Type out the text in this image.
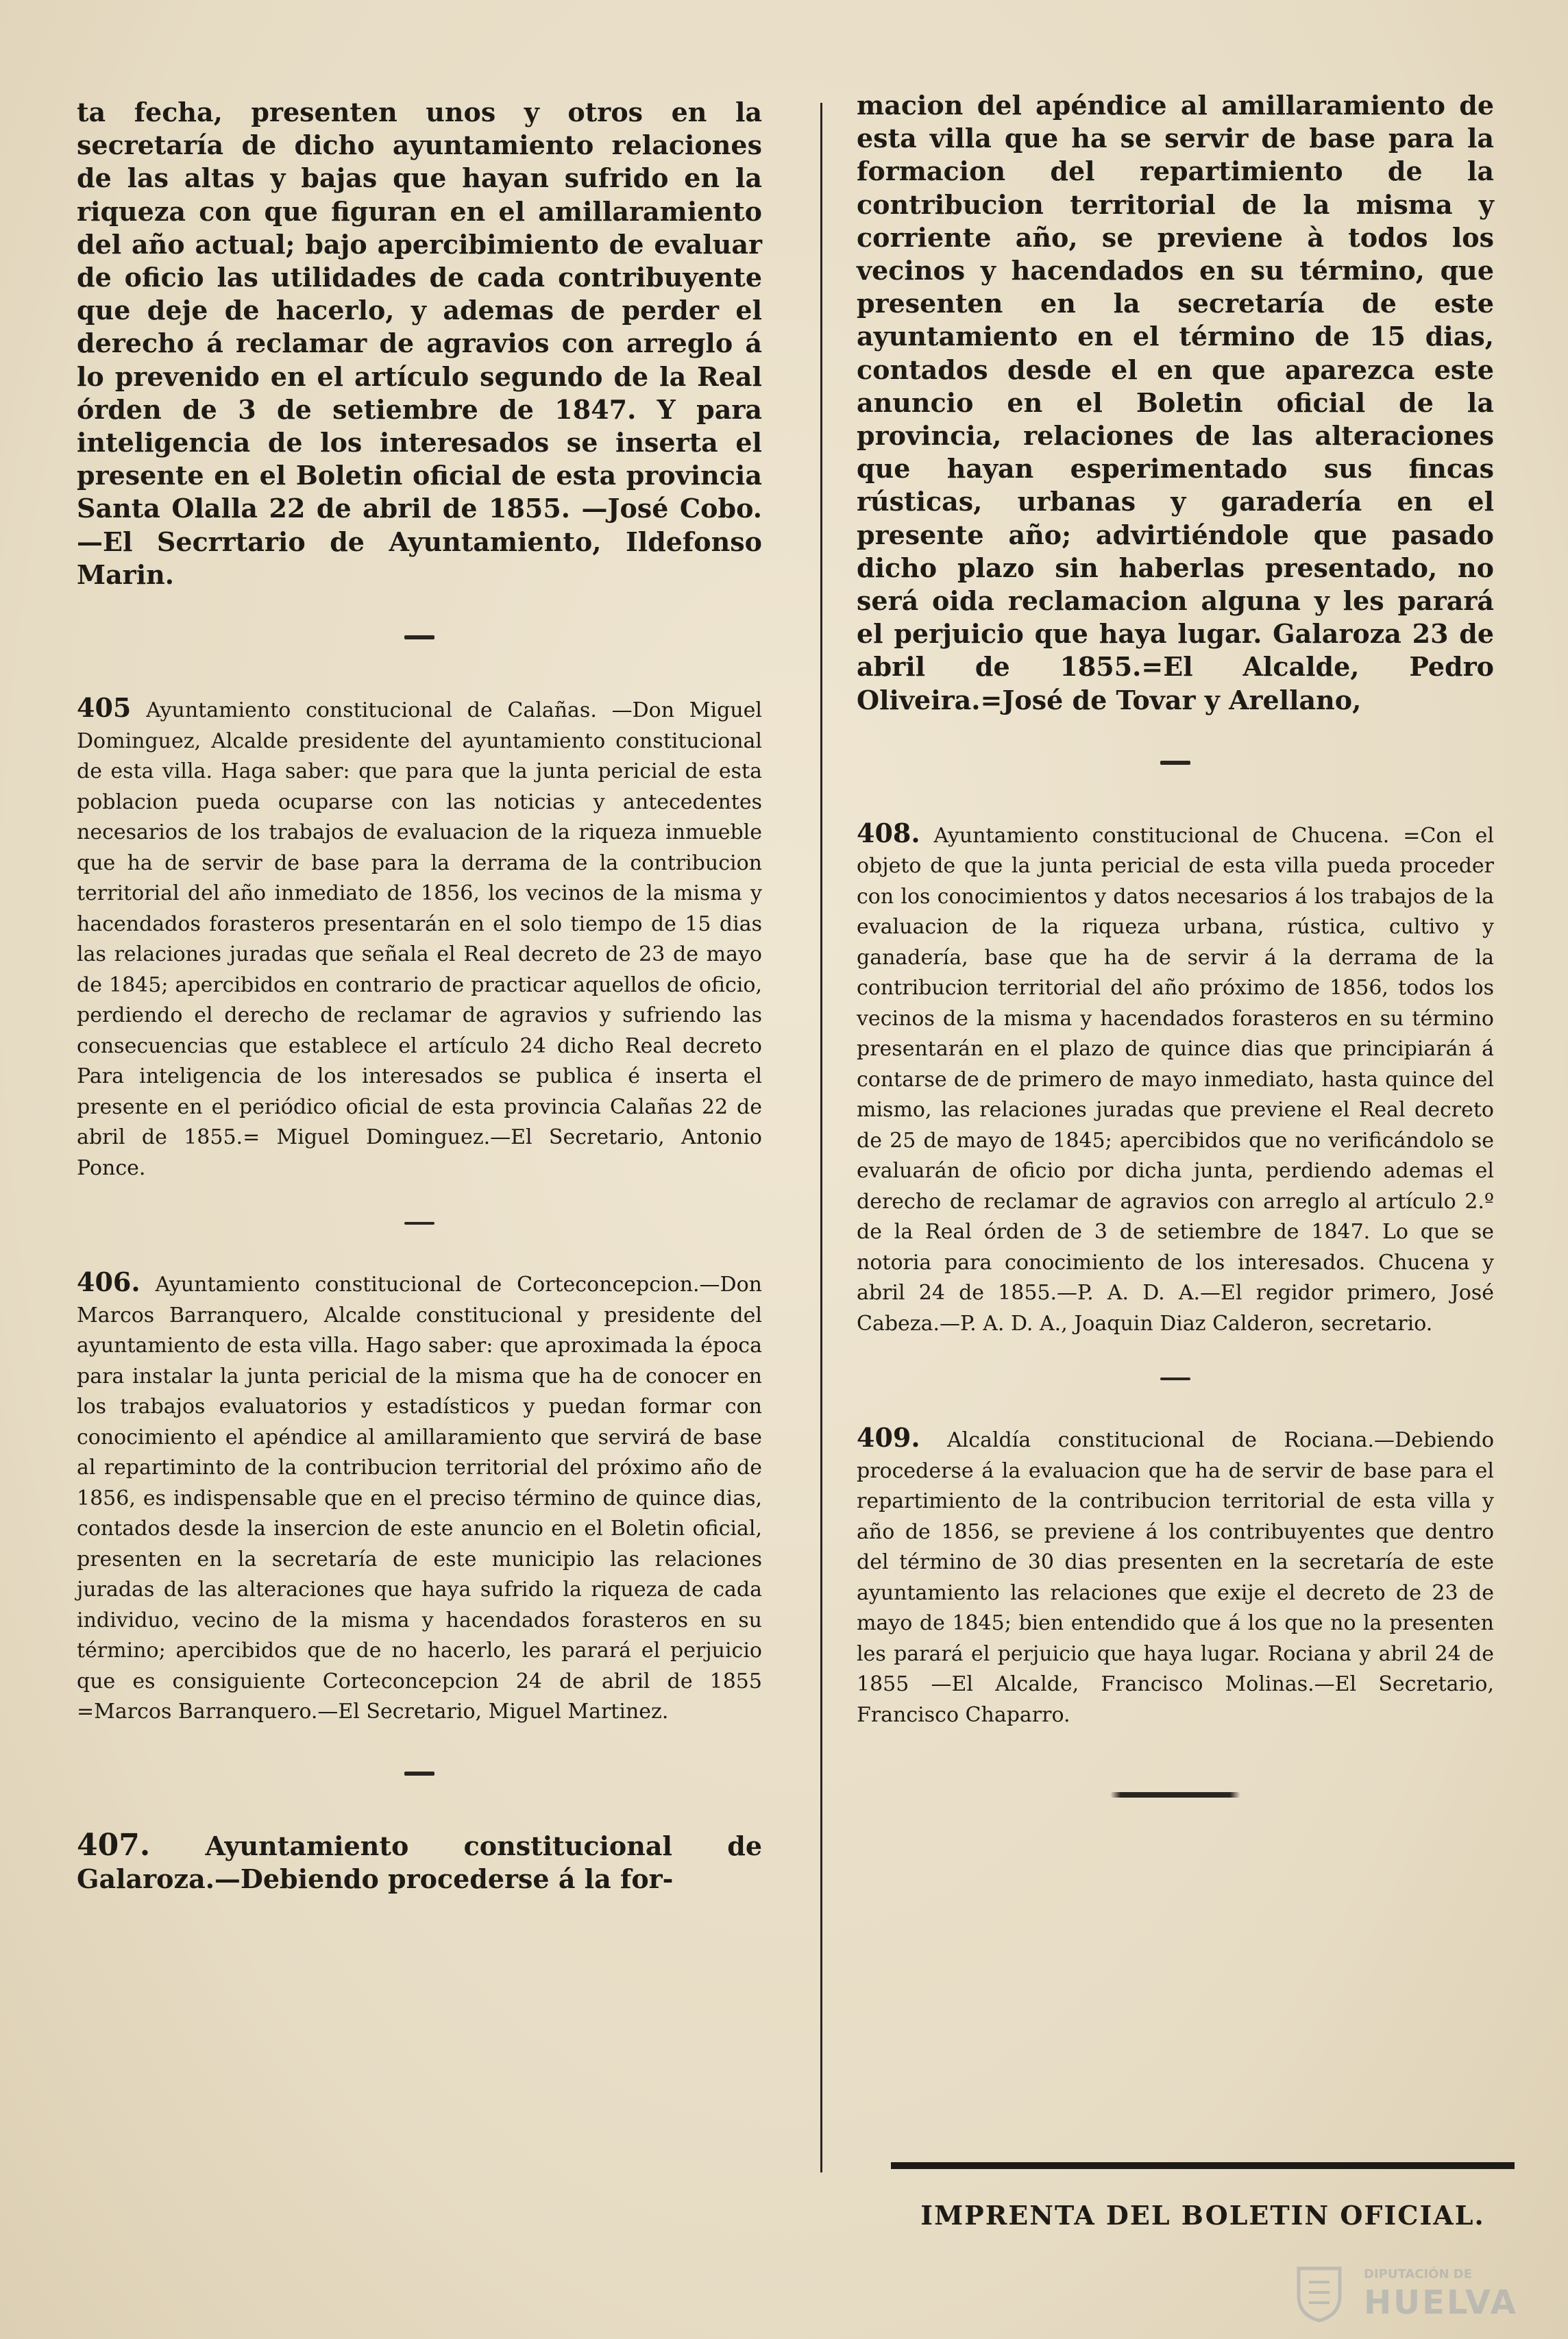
ta fecha, presenten unos y otros en la secretaría de dicho ayuntamiento relaciones de las altas y bajas que hayan sufrido en la riqueza con que figuran en el amillaramiento del año actual; bajo apercibimiento de evaluar de oficio las utilidades de cada contribuyente que deje de hacerlo, y ademas de perder el derecho á reclamar de agravios con arreglo á lo prevenido en el artículo segundo de la Real órden de 3 de setiembre de 1847. Y para inteligencia de los interesados se inserta el presente en el Boletin oficial de esta provincia Santa Olalla 22 de abril de 1855. —José Cobo.—El Secrrtario de Ayuntamiento, Ildefonso Marin.

405 Ayuntamiento constitucional de Calañas. —Don Miguel Dominguez, Alcalde presidente del ayuntamiento constitucional de esta villa. Haga saber: que para que la junta pericial de esta poblacion pueda ocuparse con las noticias y antecedentes necesarios de los trabajos de evaluacion de la riqueza inmueble que ha de servir de base para la derrama de la contribucion territorial del año inmediato de 1856, los vecinos de la misma y hacendados forasteros presentarán en el solo tiempo de 15 dias las relaciones juradas que señala el Real decreto de 23 de mayo de 1845; apercibidos en contrario de practicar aquellos de oficio, perdiendo el derecho de reclamar de agravios y sufriendo las consecuencias que establece el artículo 24 dicho Real decreto Para inteligencia de los interesados se publica é inserta el presente en el periódico oficial de esta provincia Calañas 22 de abril de 1855.= Miguel Dominguez.—El Secretario, Antonio Ponce.

406. Ayuntamiento constitucional de Corteconcepcion.—Don Marcos Barranquero, Alcalde constitucional y presidente del ayuntamiento de esta villa. Hago saber: que aproximada la época para instalar la junta pericial de la misma que ha de conocer en los trabajos evaluatorios y estadísticos y puedan formar con conocimiento el apéndice al amillaramiento que servirá de base al repartiminto de la contribucion territorial del próximo año de 1856, es indispensable que en el preciso término de quince dias, contados desde la insercion de este anuncio en el Boletin oficial, presenten en la secretaría de este municipio las relaciones juradas de las alteraciones que haya sufrido la riqueza de cada individuo, vecino de la misma y hacendados forasteros en su término; apercibidos que de no hacerlo, les parará el perjuicio que es consiguiente Corteconcepcion 24 de abril de 1855 =Marcos Barranquero.—El Secretario, Miguel Martinez.

407. Ayuntamiento constitucional de Galaroza.—Debiendo procederse á la for-

macion del apéndice al amillaramiento de esta villa que ha se servir de base para la formacion del repartimiento de la contribucion territorial de la misma y corriente año, se previene à todos los vecinos y hacendados en su término, que presenten en la secretaría de este ayuntamiento en el término de 15 dias, contados desde el en que aparezca este anuncio en el Boletin oficial de la provincia, relaciones de las alteraciones que hayan esperimentado sus fincas rústicas, urbanas y garadería en el presente año; advirtiéndole que pasado dicho plazo sin haberlas presentado, no será oida reclamacion alguna y les parará el perjuicio que haya lugar. Galaroza 23 de abril de 1855.=El Alcalde, Pedro Oliveira.=José de Tovar y Arellano,

408. Ayuntamiento constitucional de Chucena. =Con el objeto de que la junta pericial de esta villa pueda proceder con los conocimientos y datos necesarios á los trabajos de la evaluacion de la riqueza urbana, rústica, cultivo y ganadería, base que ha de servir á la derrama de la contribucion territorial del año próximo de 1856, todos los vecinos de la misma y hacendados forasteros en su término presentarán en el plazo de quince dias que principiarán á contarse de de primero de mayo inmediato, hasta quince del mismo, las relaciones juradas que previene el Real decreto de 25 de mayo de 1845; apercibidos que no verificándolo se evaluarán de oficio por dicha junta, perdiendo ademas el derecho de reclamar de agravios con arreglo al artículo 2.º de la Real órden de 3 de setiembre de 1847. Lo que se notoria para conocimiento de los interesados. Chucena y abril 24 de 1855.—P. A. D. A.—El regidor primero, José Cabeza.—P. A. D. A., Joaquin Diaz Calderon, secretario.

409. Alcaldía constitucional de Rociana.—Debiendo procederse á la evaluacion que ha de servir de base para el repartimiento de la contribucion territorial de esta villa y año de 1856, se previene á los contribuyentes que dentro del término de 30 dias presenten en la secretaría de este ayuntamiento las relaciones que exije el decreto de 23 de mayo de 1845; bien entendido que á los que no la presenten les parará el perjuicio que haya lugar. Rociana y abril 24 de 1855 —El Alcalde, Francisco Molinas.—El Secretario, Francisco Chaparro.

IMPRENTA DEL BOLETIN OFICIAL.
DIPUTACIÓN DE
HUELVA
